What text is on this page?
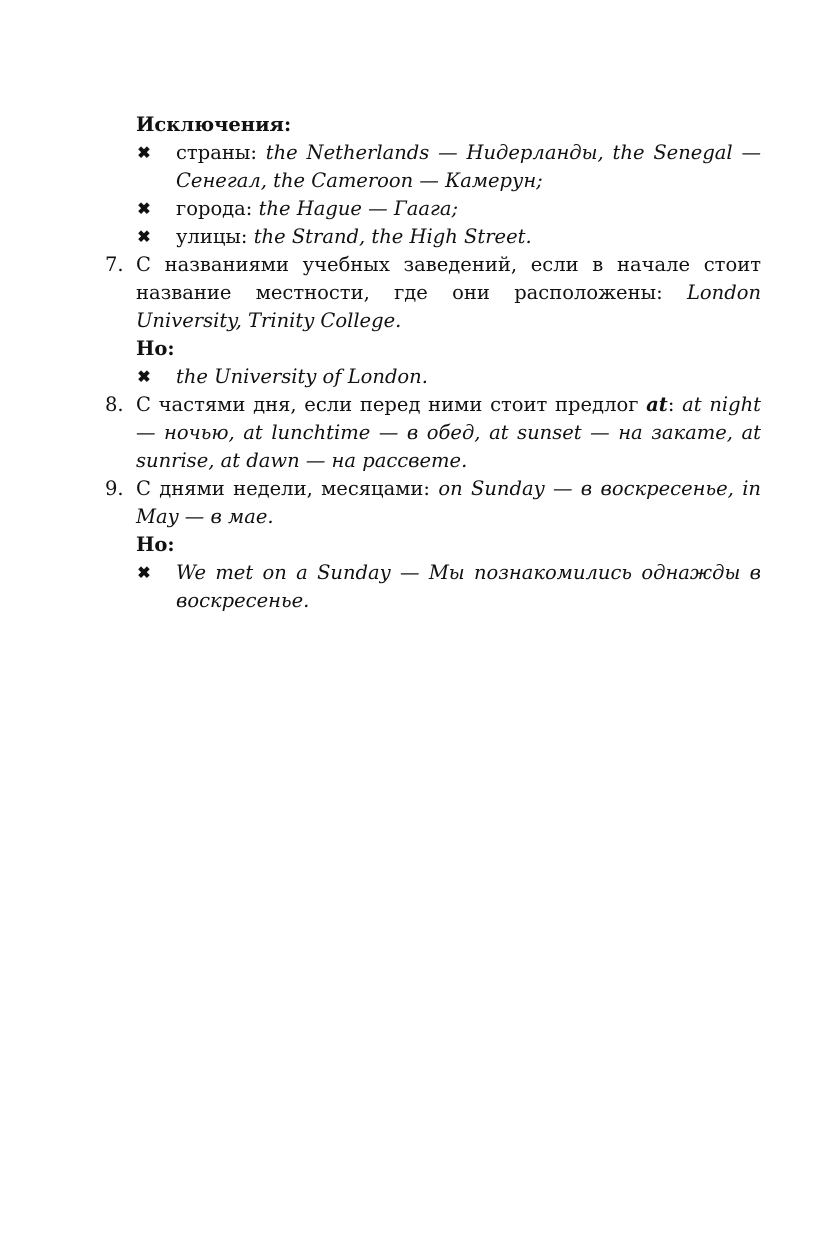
Исключения:
✖ страны: the Netherlands — Нидерланды, the Senegal — Сенегал, the Cameroon — Камерун;
✖ города: the Hague — Гаага;
✖ улицы: the Strand, the High Street.
7. С названиями учебных заведений, если в начале стоит название местности, где они расположены: London University, Trinity College.
Но:
✖ the University of London.
8. С частями дня, если перед ними стоит предлог at: at night — ночью, at lunchtime — в обед, at sunset — на закате, at sunrise, at dawn — на рассвете.
9. С днями недели, месяцами: on Sunday — в воскресенье, in May — в мае.
Но:
✖ We met on a Sunday — Мы познакомились однажды в воскресенье.
